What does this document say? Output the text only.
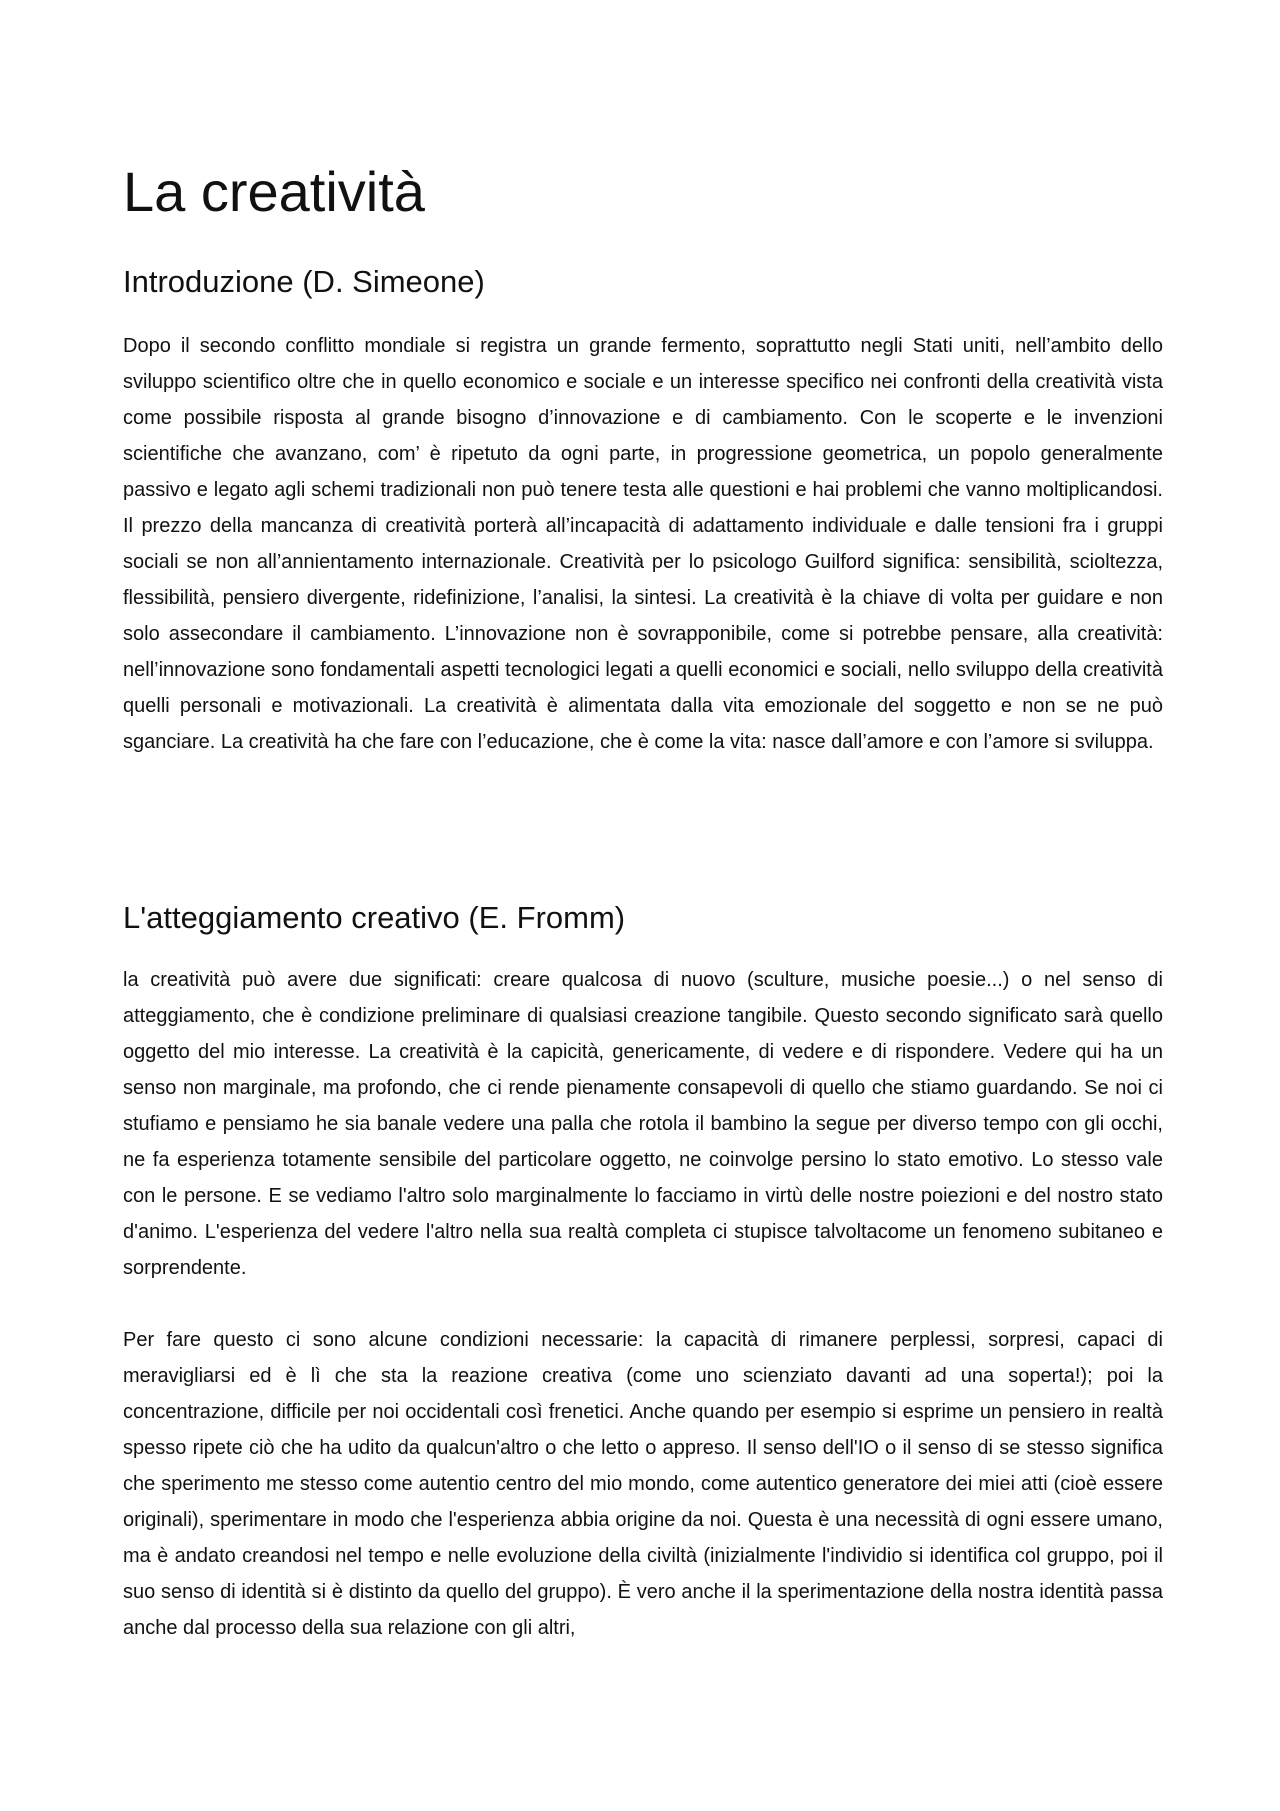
La creatività
Introduzione (D. Simeone)

Dopo il secondo conflitto mondiale si registra un grande fermento, soprattutto negli Stati uniti, nell’ambito dello sviluppo scientifico oltre che in quello economico e sociale e un interesse specifico nei confronti della creatività vista come possibile risposta al grande bisogno d’innovazione e di cambiamento. Con le scoperte e le invenzioni scientifiche che avanzano, com’ è ripetuto da ogni parte, in progressione geometrica, un popolo generalmente passivo e legato agli schemi tradizionali non può tenere testa alle questioni e hai problemi che vanno moltiplicandosi. Il prezzo della mancanza di creatività porterà all’incapacità di adattamento individuale e dalle tensioni fra i gruppi sociali se non all’annientamento internazionale. Creatività per lo psicologo Guilford significa: sensibilità, scioltezza, flessibilità, pensiero divergente, ridefinizione, l’analisi, la sintesi. La creatività è la chiave di volta per guidare e non solo assecondare il cambiamento. L’innovazione non è sovrapponibile, come si potrebbe pensare, alla creatività: nell’innovazione sono fondamentali aspetti tecnologici legati a quelli economici e sociali, nello sviluppo della creatività quelli personali e motivazionali. La creatività è alimentata dalla vita emozionale del soggetto e non se ne può sganciare. La creatività ha che fare con l’educazione, che è come la vita: nasce dall’amore e con l’amore si sviluppa.

L'atteggiamento creativo (E. Fromm)

la creatività può avere due significati: creare qualcosa di nuovo (sculture, musiche poesie...) o nel senso di atteggiamento, che è condizione preliminare di qualsiasi creazione tangibile. Questo secondo significato sarà quello oggetto del mio interesse. La creatività è la capicità, genericamente, di vedere e di rispondere. Vedere qui ha un senso non marginale, ma profondo, che ci rende pienamente consapevoli di quello che stiamo guardando. Se noi ci stufiamo e pensiamo he sia banale vedere una palla che rotola il bambino la segue per diverso tempo con gli occhi, ne fa esperienza totamente sensibile del particolare oggetto, ne coinvolge persino lo stato emotivo. Lo stesso vale con le persone. E se vediamo l'altro solo marginalmente lo facciamo in virtù delle nostre poiezioni e del nostro stato d'animo. L'esperienza del vedere l'altro nella sua realtà completa ci stupisce talvoltacome un fenomeno subitaneo e sorprendente.

Per fare questo ci sono alcune condizioni necessarie: la capacità di rimanere perplessi, sorpresi, capaci di meravigliarsi ed è lì che sta la reazione creativa (come uno scienziato davanti ad una soperta!); poi la concentrazione, difficile per noi occidentali così frenetici. Anche quando per esempio si esprime un pensiero in realtà spesso ripete ciò che ha udito da qualcun'altro o che letto o appreso. Il senso dell'IO o il senso di se stesso significa che sperimento me stesso come autentio centro del mio mondo, come autentico generatore dei miei atti (cioè essere originali), sperimentare in modo che l'esperienza abbia origine da noi. Questa è una necessità di ogni essere umano, ma è andato creandosi nel tempo e nelle evoluzione della civiltà (inizialmente l'individio si identifica col gruppo, poi il suo senso di identità si è distinto da quello del gruppo). È vero anche il la sperimentazione della nostra identità passa anche dal processo della sua relazione con gli altri,
